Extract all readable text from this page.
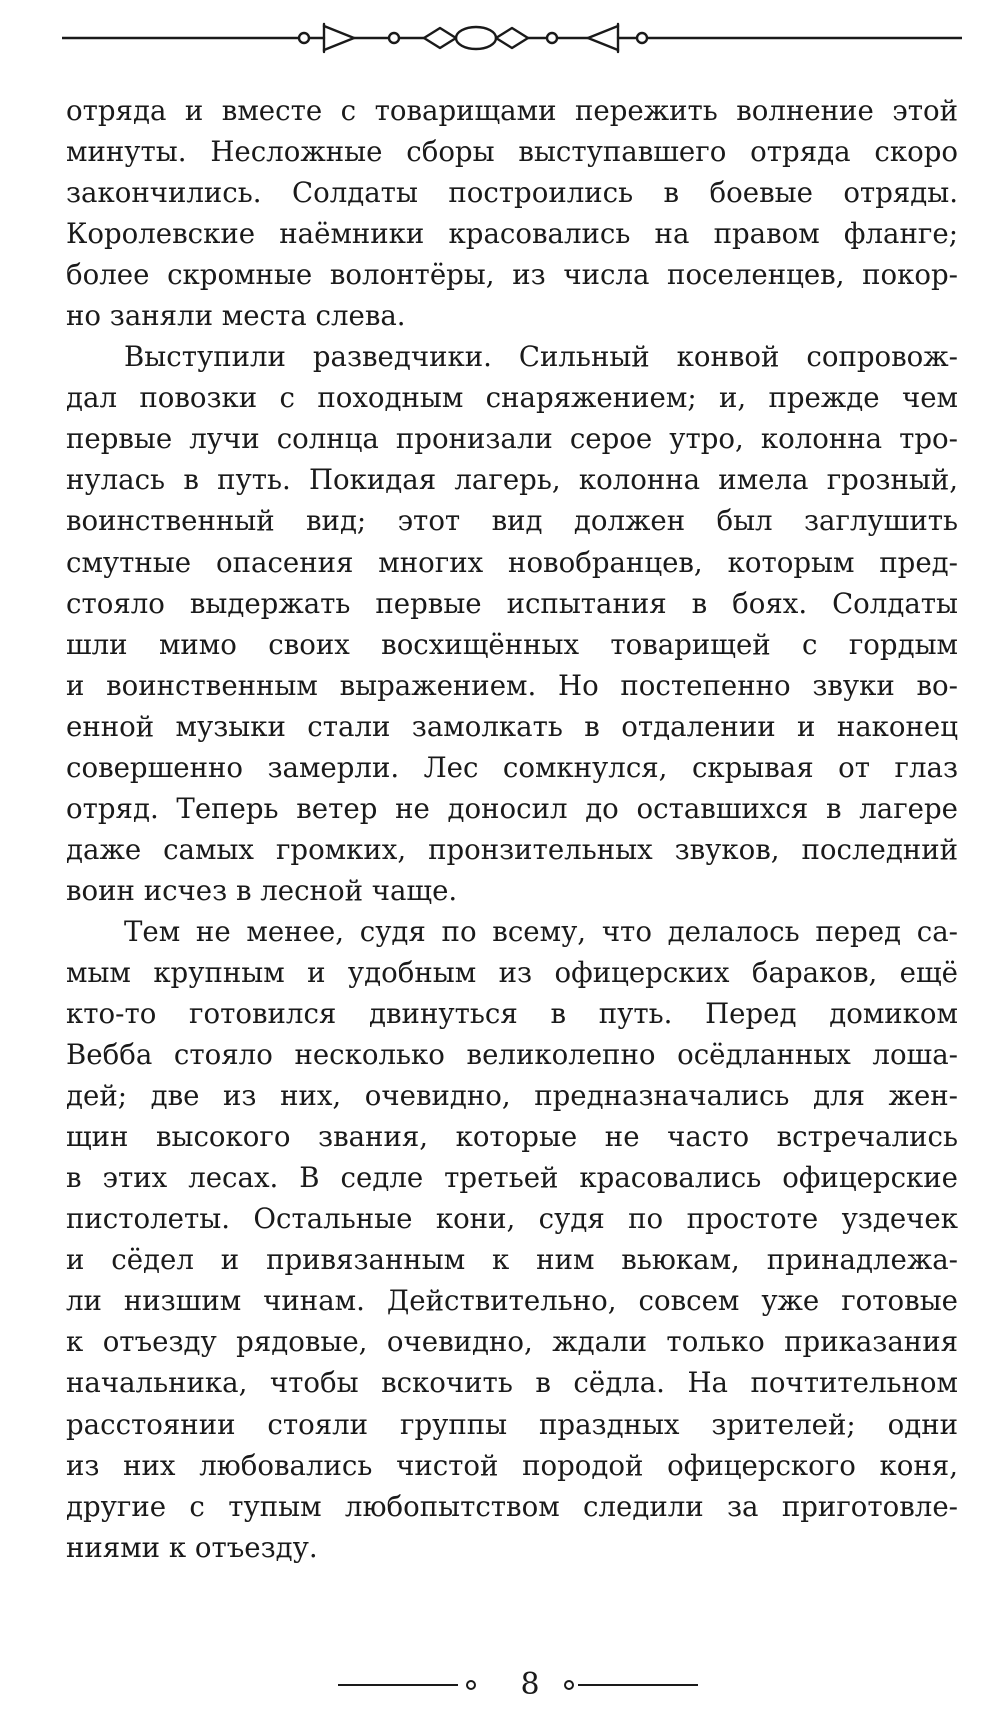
отряда и вместе с товарищами пережить волнение этой
минуты. Несложные сборы выступавшего отряда скоро
закончились. Солдаты построились в боевые отряды.
Королевские наёмники красовались на правом фланге;
более скромные волонтёры, из числа поселенцев, покор-
но заняли места слева.
Выступили разведчики. Сильный конвой сопровож-
дал повозки с походным снаряжением; и, прежде чем
первые лучи солнца пронизали серое утро, колонна тро-
нулась в путь. Покидая лагерь, колонна имела грозный,
воинственный вид; этот вид должен был заглушить
смутные опасения многих новобранцев, которым пред-
стояло выдержать первые испытания в боях. Солдаты
шли мимо своих восхищённых товарищей с гордым
и воинственным выражением. Но постепенно звуки во-
енной музыки стали замолкать в отдалении и наконец
совершенно замерли. Лес сомкнулся, скрывая от глаз
отряд. Теперь ветер не доносил до оставшихся в лагере
даже самых громких, пронзительных звуков, последний
воин исчез в лесной чаще.
Тем не менее, судя по всему, что делалось перед са-
мым крупным и удобным из офицерских бараков, ещё
кто-то готовился двинуться в путь. Перед домиком
Вебба стояло несколько великолепно осёдланных лоша-
дей; две из них, очевидно, предназначались для жен-
щин высокого звания, которые не часто встречались
в этих лесах. В седле третьей красовались офицерские
пистолеты. Остальные кони, судя по простоте уздечек
и сёдел и привязанным к ним вьюкам, принадлежа-
ли низшим чинам. Действительно, совсем уже готовые
к отъезду рядовые, очевидно, ждали только приказания
начальника, чтобы вскочить в сёдла. На почтительном
расстоянии стояли группы праздных зрителей; одни
из них любовались чистой породой офицерского коня,
другие с тупым любопытством следили за приготовле-
ниями к отъезду.
8
